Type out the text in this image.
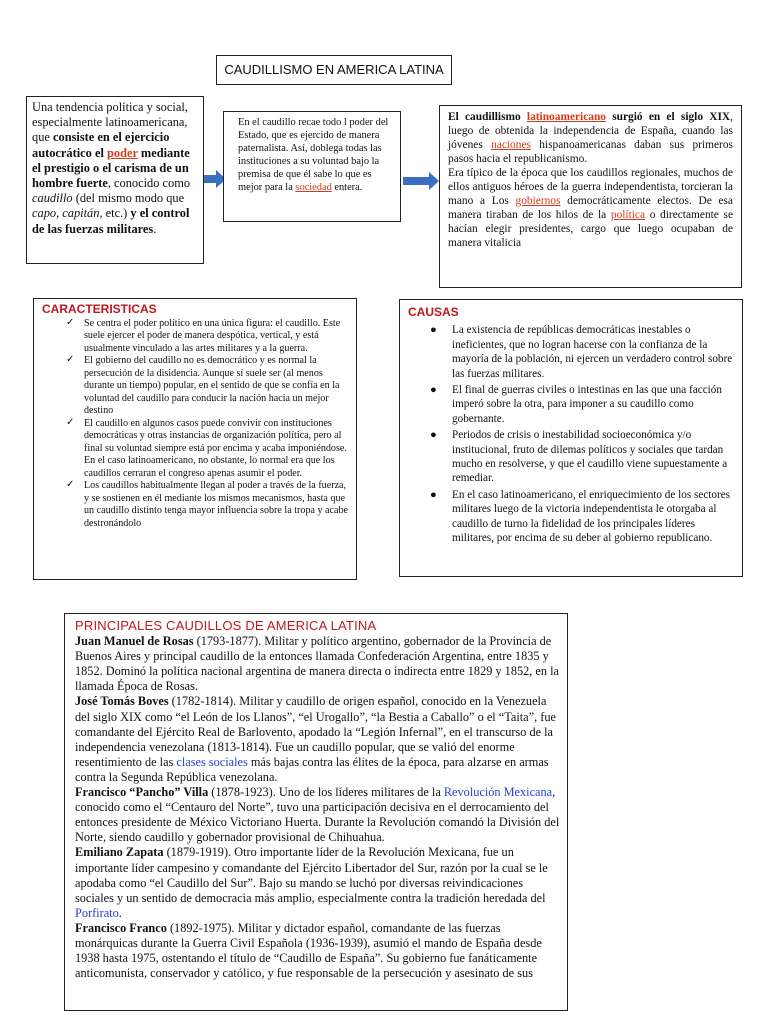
CAUDILLISMO EN AMERICA LATINA
Una tendencia política y social, especialmente latinoamericana, que consiste en el ejercicio autocrático el poder mediante el prestigio o el carisma de un hombre fuerte, conocido como caudillo (del mismo modo que capo, capitán, etc.) y el control de las fuerzas militares.
En el caudillo recae todo l poder del Estado, que es ejercido de manera paternalista. Así, doblega todas las instituciones a su voluntad bajo la premisa de que él sabe lo que es mejor para la sociedad entera.
El caudillismo latinoamericano surgió en el siglo XIX, luego de obtenida la independencia de España, cuando las jóvenes naciones hispanoamericanas daban sus primeros pasos hacia el republicanismo.
Era típico de la época que los caudillos regionales, muchos de ellos antiguos héroes de la guerra independentista, torcieran la mano a Los gobiernos democráticamente electos. De esa manera tiraban de los hilos de la política o directamente se hacían elegir presidentes, cargo que luego ocupaban de manera vitalicia
CARACTERISTICAS
✓ Se centra el poder político en una única figura: el caudillo. Este suele ejercer el poder de manera despótica, vertical, y está usualmente vinculado a las artes militares y a la guerra.
✓ El gobierno del caudillo no es democrático y es normal la persecución de la disidencia. Aunque sí suele ser (al menos durante un tiempo) popular, en el sentido de que se confía en la voluntad del caudillo para conducir la nación hacia un mejor destino
✓ El caudillo en algunos casos puede convivir con instituciones democráticas y otras instancias de organización política, pero al final su voluntad siempre está por encima y acaba imponiéndose. En el caso latinoamericano, no obstante, lo normal era que los caudillos cerraran el congreso apenas asumir el poder.
✓ Los caudillos habitualmente llegan al poder a través de la fuerza, y se sostienen en él mediante los mismos mecanismos, hasta que un caudillo distinto tenga mayor influencia sobre la tropa y acabe destronándolo
CAUSAS
● La existencia de repúblicas democráticas inestables o ineficientes, que no logran hacerse con la confianza de la mayoría de la población, ni ejercen un verdadero control sobre las fuerzas militares.
● El final de guerras civiles o intestinas en las que una facción imperó sobre la otra, para imponer a su caudillo como gobernante.
● Periodos de crisis o inestabilidad socioeconómica y/o institucional, fruto de dilemas políticos y sociales que tardan mucho en resolverse, y que el caudillo viene supuestamente a remediar.
● En el caso latinoamericano, el enriquecimiento de los sectores militares luego de la victoria independentista le otorgaba al caudillo de turno la fidelidad de los principales líderes militares, por encima de su deber al gobierno republicano.
PRINCIPALES CAUDILLOS DE AMERICA LATINA

Juan Manuel de Rosas (1793-1877). Militar y político argentino, gobernador de la Provincia de Buenos Aires y principal caudillo de la entonces llamada Confederación Argentina, entre 1835 y 1852. Dominó la política nacional argentina de manera directa o indirecta entre 1829 y 1852, en la llamada Época de Rosas.

José Tomás Boves (1782-1814). Militar y caudillo de origen español, conocido en la Venezuela del siglo XIX como “el León de los Llanos”, “el Urogallo”, “la Bestia a Caballo” o el “Taita”, fue comandante del Ejército Real de Barlovento, apodado la “Legión Infernal”, en el transcurso de la independencia venezolana (1813-1814). Fue un caudillo popular, que se valió del enorme resentimiento de las clases sociales más bajas contra las élites de la época, para alzarse en armas contra la Segunda República venezolana.

Francisco “Pancho” Villa (1878-1923). Uno de los líderes militares de la Revolución Mexicana, conocido como el “Centauro del Norte”, tuvo una participación decisiva en el derrocamiento del entonces presidente de México Victoriano Huerta. Durante la Revolución comandó la División del Norte, siendo caudillo y gobernador provisional de Chihuahua.

Emiliano Zapata (1879-1919). Otro importante líder de la Revolución Mexicana, fue un importante líder campesino y comandante del Ejército Libertador del Sur, razón por la cual se le apodaba como “el Caudillo del Sur”. Bajo su mando se luchó por diversas reivindicaciones sociales y un sentido de democracia más amplio, especialmente contra la tradición heredada del Porfirato.

Francisco Franco (1892-1975). Militar y dictador español, comandante de las fuerzas monárquicas durante la Guerra Civil Española (1936-1939), asumió el mando de España desde 1938 hasta 1975, ostentando el título de “Caudillo de España”. Su gobierno fue fanáticamente anticomunista, conservador y católico, y fue responsable de la persecución y asesinato de sus
